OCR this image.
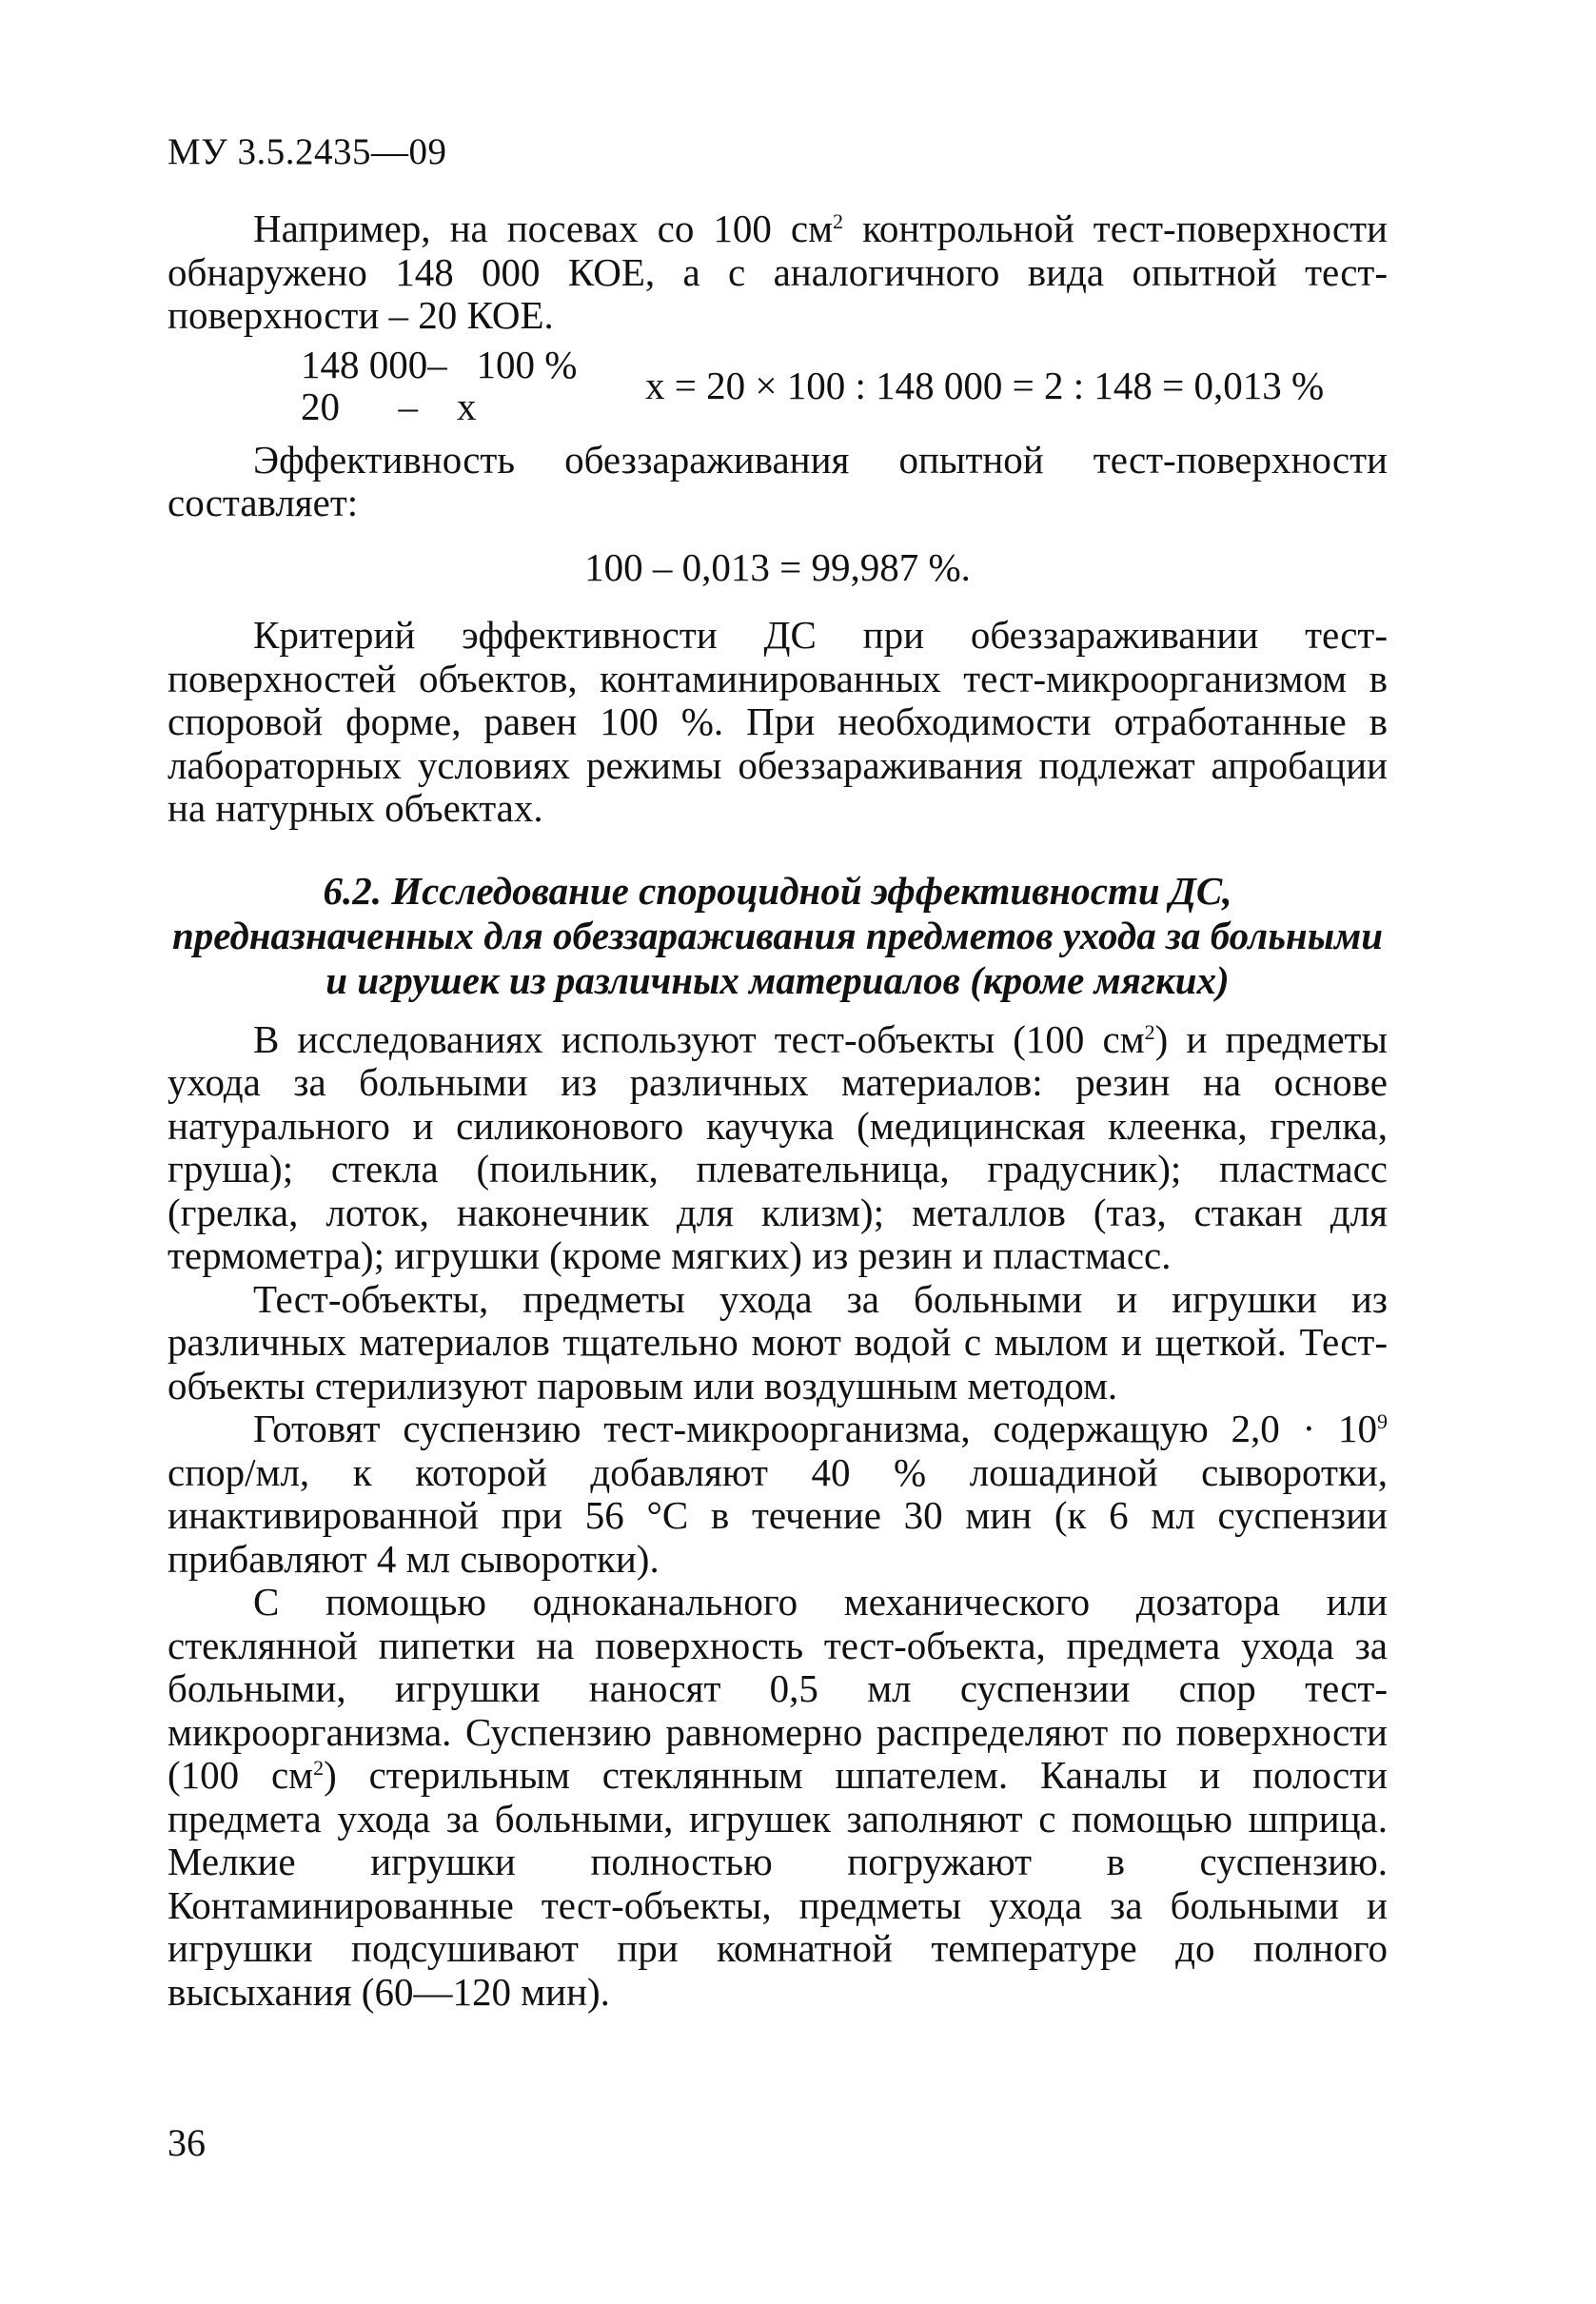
МУ 3.5.2435—09

Например, на посевах со 100 $см^2$ контрольной тест-поверхности обнаружено 148 000 КОЕ, а с аналогичного вида опытной тест-поверхности – 20 КОЕ.

148 000–   100 %
20      –    x	x = 20 × 100 : 148 000 = 2 : 148 = 0,013 %

Эффективность обеззараживания опытной тест-поверхности составляет:

100 – 0,013 = 99,987 %.

Критерий эффективности ДС при обеззараживании тест-поверхностей объектов, контаминированных тест-микроорганизмом в споровой форме, равен 100 %. При необходимости отработанные в лабораторных условиях режимы обеззараживания подлежат апробации на натурных объектах.

6.2. Исследование спороцидной эффективности ДС,
предназначенных для обеззараживания предметов ухода за больными
и игрушек из различных материалов (кроме мягких)

В исследованиях используют тест-объекты (100 $см^2$) и предметы ухода за больными из различных материалов: резин на основе натурального и силиконового каучука (медицинская клеенка, грелка, груша); стекла (поильник, плевательница, градусник); пластмасс (грелка, лоток, наконечник для клизм); металлов (таз, стакан для термометра); игрушки (кроме мягких) из резин и пластмасс.

Тест-объекты, предметы ухода за больными и игрушки из различных материалов тщательно моют водой с мылом и щеткой. Тест-объекты стерилизуют паровым или воздушным методом.

Готовят суспензию тест-микроорганизма, содержащую $2,0 \cdot 10^9$ спор/мл, к которой добавляют 40 % лошадиной сыворотки, инактивированной при 56 °С в течение 30 мин (к 6 мл суспензии прибавляют 4 мл сыворотки).

С помощью одноканального механического дозатора или стеклянной пипетки на поверхность тест-объекта, предмета ухода за больными, игрушки наносят 0,5 мл суспензии спор тест-микроорганизма. Суспензию равномерно распределяют по поверхности (100 $см^2$) стерильным стеклянным шпателем. Каналы и полости предмета ухода за больными, игрушек заполняют с помощью шприца. Мелкие игрушки полностью погружают в суспензию. Контаминированные тест-объекты, предметы ухода за больными и игрушки подсушивают при комнатной температуре до полного высыхания (60—120 мин).

36
